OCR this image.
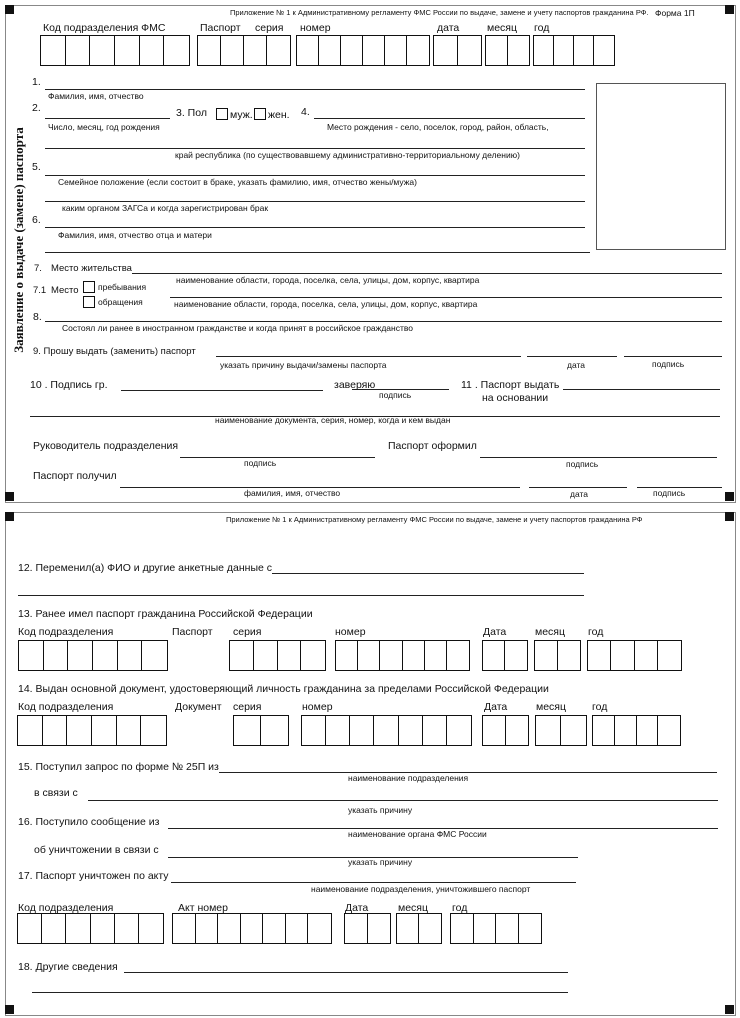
Приложение № 1 к Административному регламенту ФМС России по выдаче, замене и учету паспортов гражданина РФ. Форма 1П
Заявление о выдаче (замене) паспорта
Код подразделения ФМС	Паспорт серия номер	дата	месяц год
1.
Фамилия, имя, отчество
2.
Число, месяц, год рождения
3. Пол муж. жен. 4.
Место рождения - село, поселок, город, район, область,
край республика (по существовавшему административно-территориальному делению)
5.
Семейное положение (если состоит в браке, указать фамилию, имя, отчество жены/мужа)
каким органом ЗАГСа и когда зарегистрирован брак
6.
Фамилия, имя, отчество отца и матери
7. Место жительства
наименование области, города, поселка, села, улицы, дом, корпус, квартира
7.1 Место пребывания
обращения	наименование области, города, поселка, села, улицы, дом, корпус, квартира
8.
Состоял ли ранее в иностранном гражданстве и когда принят в российское гражданство
9. Прошу выдать (заменить) паспорт
указать причину выдачи/замены паспорта	дата	подпись
10 . Подпись гр.	заверяю
подпись
11 . Паспорт выдать
на основании
наименование документа, серия, номер, когда и кем выдан
Руководитель подразделения
подпись
Паспорт оформил
подпись
Паспорт получил
фамилия, имя, отчество	дата	подпись
Приложение № 1 к Административному регламенту ФМС России по выдаче, замене и учету паспортов гражданина РФ
12. Переменил(а) ФИО и другие анкетные данные с
13. Ранее имел паспорт гражданина Российской Федерации
Код подразделения	Паспорт серия	номер	Дата	месяц год
14. Выдан основной документ, удостоверяющий личность гражданина за пределами Российской Федерации
Код подразделения	Документ серия	номер	Дата	месяц год
15. Поступил запрос по форме № 25П из
наименование подразделения
в связи с
указать причину
16. Поступило сообщение из
наименование органа ФМС России
об уничтожении в связи с
указать причину
17. Паспорт уничтожен по акту
наименование подразделения, уничтожившего паспорт
Код подразделения	Акт номер	Дата	месяц год
18. Другие сведения
